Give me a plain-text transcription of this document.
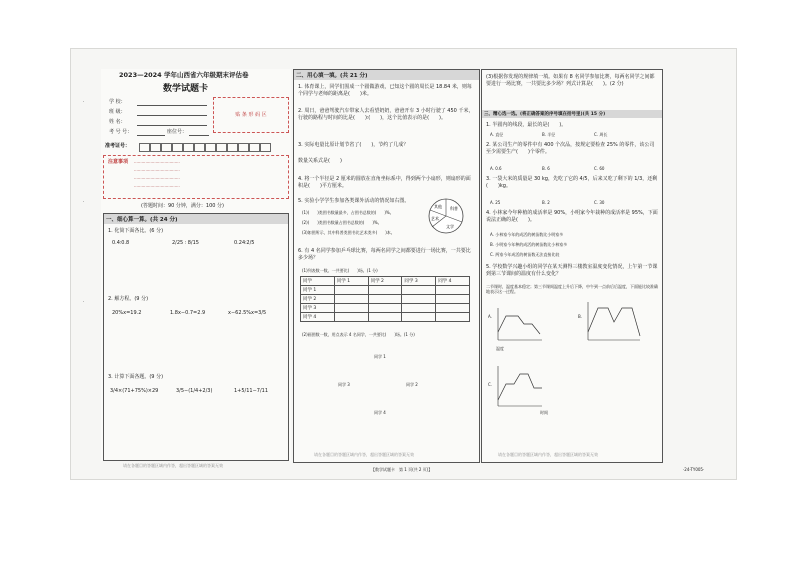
·
·
·
2023—2024 学年山西省六年级期末评估卷
数学试题卡
学 校：
班 级：
姓 名：
考 号 号：	座位号：
贴 条 形 码 区
准考证号：
注意事项 ····································
····································
····································
····································
(答题时间：90 分钟，满分：100 分)
一、细心算一算。(共 24 分)
1. 化简下面各比。(6 分)
0.4∶0.8	2/25 ∶ 8/15	0.24∶2/5
2. 解方程。(9 分)
20%x=19.2	1.8x−0.7=2.9	x−62.5%x=3/5
3. 计算下面各题。(9 分)
3/4×(71+75%)×29	3/5−(1/4+2/3)	1+5/11−7/11
请在各题目的答题区域内作答，超出答题区域的答案无效
二、用心填一填。(共 21 分)
1. 体育课上，同学们围成一个圆做游戏，已知这个圆的周长是 18.84 米，则每个同学与老师的距离是(　　)米。
2. 周日，爸爸驾驶汽车带家人去看望奶奶，爸爸开车 3 小时行驶了 450 千米，行驶的路程与时间的比是(　　)∶(　　)，这个比值表示的是(　　)。
3. 实际电量比原计划节省了(　　)，节约了几成？
数量关系式是(　　)
4. 将一个半径是 2 厘米的圆放在直角坐标系中，得到两个小扇形，则扇形的面积是(　　)平方厘米。
5. 实验小学学生参加各类课外活动的情况如右图。
(1)(　　)类图书数量最多，占图书总数的(　　)%。
(2)(　　)类图书数量占图书总数的(　　)%。
(3)如图所示，其中科普类图书比艺术类多(　　)本。
科普
文学
艺术
其他
6. 有 4 名同学参加乒乓球比赛，每两名同学之间都要进行一场比赛，一共要比多少场？
(1)列表数一数。一共要比(　　)场。(1 分)
同学	同学 1	同学 2	同学 3	同学 4
同学 1				
同学 2				
同学 3				
同学 4				
(2)画图数一数，用点表示 4 名同学，一共要比(　　)场。(1 分)
同学 1
同学 2
同学 3
同学 4
请在各题目的答题区域内作答，超出答题区域的答案无效
(3)根据你发现的规律填一填。如果有 8 名同学参加比赛，每两名同学之间都要进行一场比赛，一共要比多少场？列式计算是(　　)。(2 分)
三、精心选一选。(将正确答案的序号填在括号里)(共 15 分)
1. 半圆内的线段，最长的是(　　)。
A. 直径	B. 半径	C. 周长
2. 某公司生产的零件中有 400 个次品，按规定要检查 25% 的零件，该公司至少需要生产(　　)个零件。
A. 0.6	B. 6	C. 60
3. 一袋大米的质量是 30 kg，先吃了它的 4/5，后来又吃了剩下的 1/3，还剩(　　)kg。
A. 25	B. 2	C. 30
4. 小林家今年种植的成活率是 90%，小明家今年栽种的成活率是 95%，下面说法正确的是(　　)。
A. 小林家今年的成活的树苗数比小明家多
B. 小明家今年种的成活的树苗数比小林家多
C. 两家今年成活的树苗数无法直接比较
5. 学校数学兴趣小组的同学在某天测得三楼教室温度变化情况，上午第一节课到第三节课间的温度有什么变化？
二节课时，温度基本稳定；第三节课间温度上升后下降，中午到一点前后后温度，下面能比较准确地表示这一过程。
A.
温度
B.
C.
时间
请在各题目的答题区域内作答，超出答题区域的答案无效
【数学试题卡　第 1 页(共 2 页)】	·24-TY005·
